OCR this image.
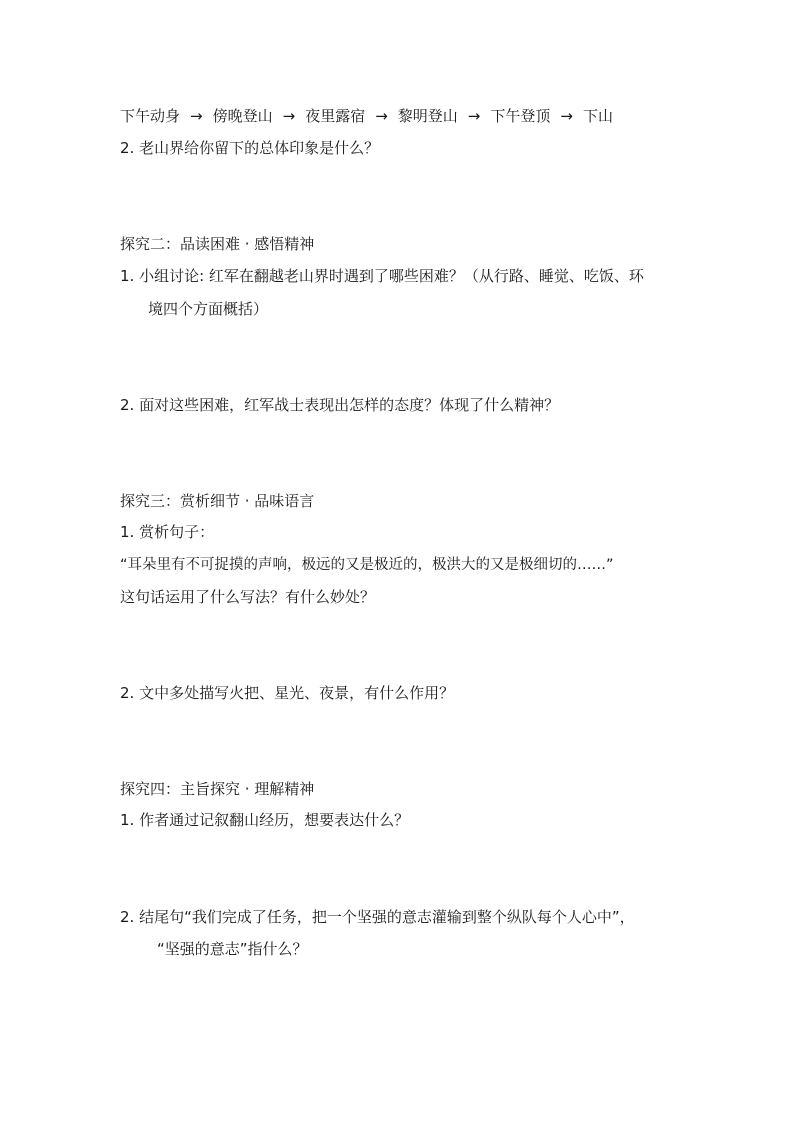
下午动身 → 傍晚登山 → 夜里露宿 → 黎明登山 → 下午登顶 → 下山
2. 老山界给你留下的总体印象是什么？
探究二：品读困难 · 感悟精神
1. 小组讨论: 红军在翻越老山界时遇到了哪些困难？（从行路、睡觉、吃饭、环
境四个方面概括）
2. 面对这些困难，红军战士表现出怎样的态度？体现了什么精神？
探究三：赏析细节 · 品味语言
1. 赏析句子：
“耳朵里有不可捉摸的声响，极远的又是极近的，极洪大的又是极细切的……”
这句话运用了什么写法？有什么妙处？
2. 文中多处描写火把、星光、夜景，有什么作用？
探究四：主旨探究 · 理解精神
1. 作者通过记叙翻山经历，想要表达什么？
2. 结尾句“我们完成了任务，把一个坚强的意志灌输到整个纵队每个人心中”，
“坚强的意志”指什么？
